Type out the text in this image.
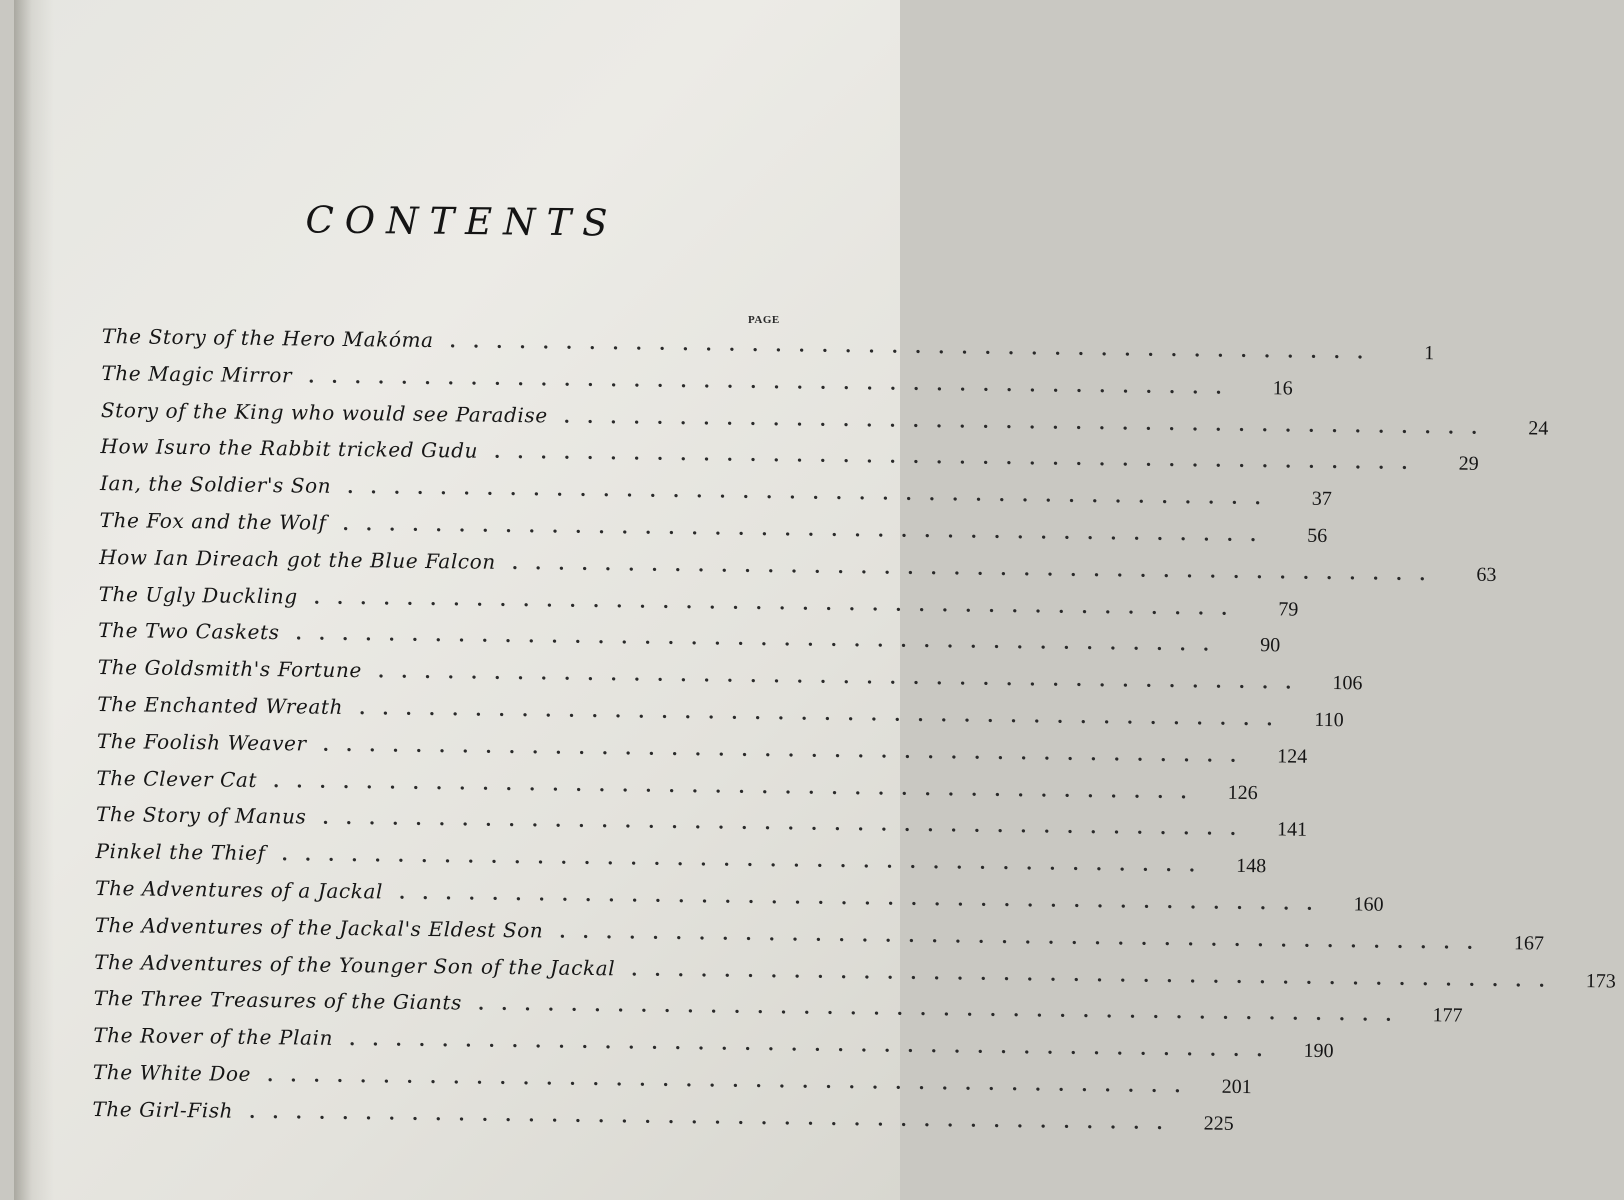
CONTENTS
PAGE
The Story of the Hero Makóma ........................................	1
The Magic Mirror ........................................	16
Story of the King who would see Paradise ........................................	24
How Isuro the Rabbit tricked Gudu ........................................	29
Ian, the Soldier's Son ........................................	37
The Fox and the Wolf ........................................	56
How Ian Direach got the Blue Falcon ........................................	63
The Ugly Duckling ........................................	79
The Two Caskets ........................................	90
The Goldsmith's Fortune ........................................	106
The Enchanted Wreath ........................................	110
The Foolish Weaver ........................................	124
The Clever Cat ........................................	126
The Story of Manus ........................................	141
Pinkel the Thief ........................................	148
The Adventures of a Jackal ........................................	160
The Adventures of the Jackal's Eldest Son ........................................	167
The Adventures of the Younger Son of the Jackal ........................................	173
The Three Treasures of the Giants ........................................	177
The Rover of the Plain ........................................	190
The White Doe ........................................	201
The Girl-Fish ........................................	225
